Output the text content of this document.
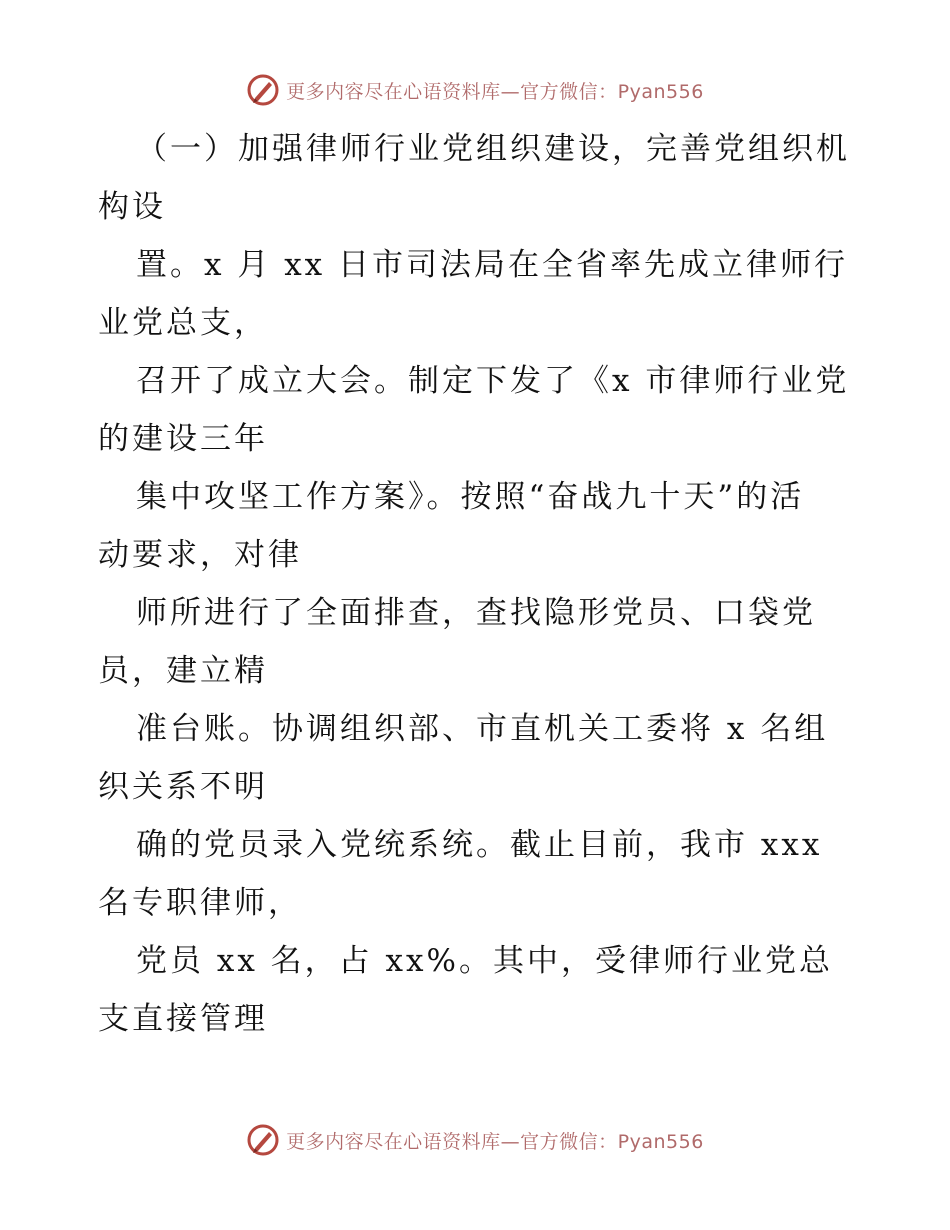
更多内容尽在心语资料库—官方微信：Pyan556

（一）加强律师行业党组织建设，完善党组织机
构设

置。x 月 xx 日市司法局在全省率先成立律师行
业党总支，

召开了成立大会。制定下发了《x 市律师行业党
的建设三年

集中攻坚工作方案》。按照“奋战九十天”的活
动要求，对律

师所进行了全面排查，查找隐形党员、口袋党
员，建立精

准台账。协调组织部、市直机关工委将 x 名组
织关系不明

确的党员录入党统系统。截止目前，我市 xxx
名专职律师，

党员 xx 名，占 xx%。其中，受律师行业党总
支直接管理

更多内容尽在心语资料库—官方微信：Pyan556
